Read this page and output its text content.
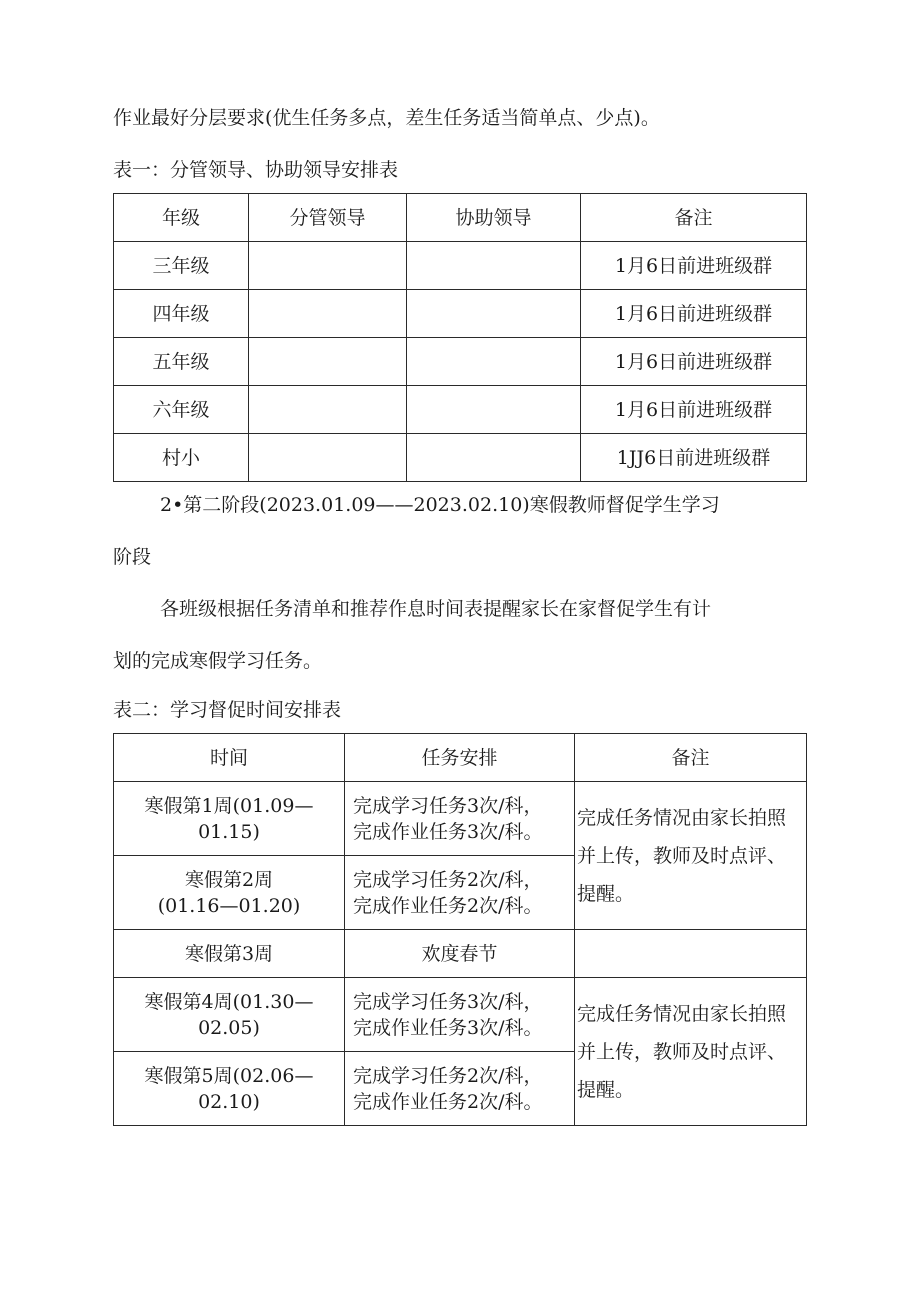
作业最好分层要求(优生任务多点，差生任务适当简单点、少点)。
表一：分管领导、协助领导安排表
年级	分管领导	协助领导	备注
三年级			1月6日前进班级群
四年级			1月6日前进班级群
五年级			1月6日前进班级群
六年级			1月6日前进班级群
村小			1JJ6日前进班级群
2•第二阶段(2023.01.09——2023.02.10)寒假教师督促学生学习
阶段
各班级根据任务清单和推荐作息时间表提醒家长在家督促学生有计
划的完成寒假学习任务。
表二：学习督促时间安排表
时间	任务安排	备注

寒假第1周(01.09—
01.15)	完成学习任务3次/科，
完成作业任务3次/科。	完成任务情况由家长拍照
并上传，教师及时点评、
提醒。

寒假第2周
(01.16—01.20)	完成学习任务2次/科，
完成作业任务2次/科。	

寒假第3周	欢度春节	

寒假第4周(01.30—
02.05)	完成学习任务3次/科，
完成作业任务3次/科。	完成任务情况由家长拍照
并上传，教师及时点评、
提醒。

寒假第5周(02.06—
02.10)	完成学习任务2次/科，
完成作业任务2次/科。	
